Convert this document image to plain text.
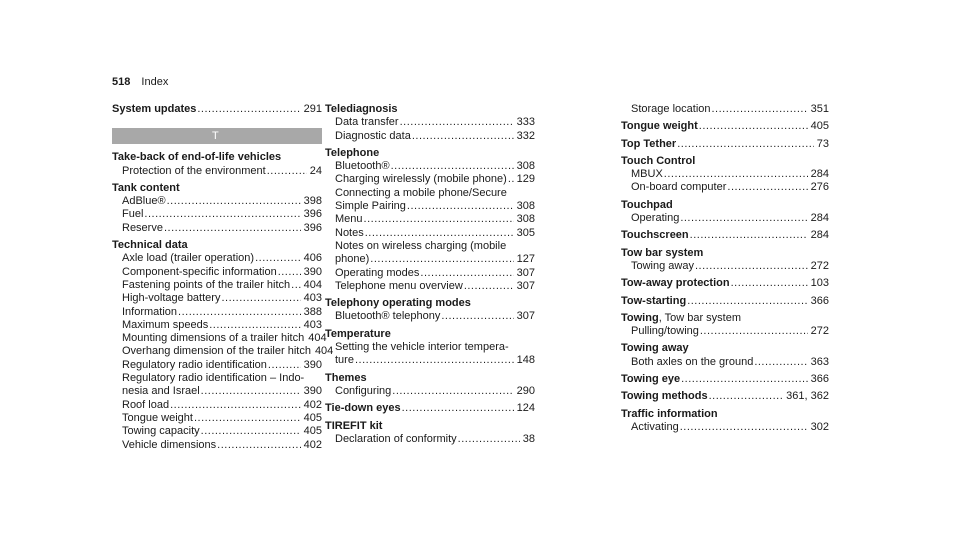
518 Index
System updates .....	291
T
Take-back of end-of-life vehicles
Protection of the environment .....	24
Tank content
AdBlue® .....	398
Fuel .....	396
Reserve .....	396
Technical data
Axle load (trailer operation) .....	406
Component-specific information ..... 390
Fastening points of the trailer hitch ..... 404
High-voltage battery .....	403
Information .....	388
Maximum speeds .....	403
Mounting dimensions of a trailer hitch 404
Overhang dimension of the trailer hitch 404
Regulatory radio identification .....	390
Regulatory radio identification – Indo-
nesia and Israel .....	390
Roof load .....	402
Tongue weight .....	405
Towing capacity .....	405
Vehicle dimensions .....	402
Telediagnosis
Data transfer .....	333
Diagnostic data .....	332
Telephone
Bluetooth® .....	308
Charging wirelessly (mobile phone) ..... 129
Connecting a mobile phone/Secure
Simple Pairing .....	308
Menu .....	308
Notes .....	305
Notes on wireless charging (mobile
phone) .....	127
Operating modes .....	307
Telephone menu overview .....	307
Telephony operating modes
Bluetooth® telephony .....	307
Temperature
Setting the vehicle interior tempera-
ture .....	148
Themes
Configuring .....	290
Tie-down eyes .....	124
TIREFIT kit
Declaration of conformity .....	38
Storage location .....	351
Tongue weight .....	405
Top Tether .....	73
Touch Control
MBUX .....	284
On-board computer .....	276
Touchpad
Operating .....	284
Touchscreen .....	284
Tow bar system
Towing away .....	272
Tow-away protection .....	103
Tow-starting .....	366
Towing, Tow bar system
Pulling/towing .....	272
Towing away
Both axles on the ground .....	363
Towing eye .....	366
Towing methods .....	361, 362
Traffic information
Activating .....	302
